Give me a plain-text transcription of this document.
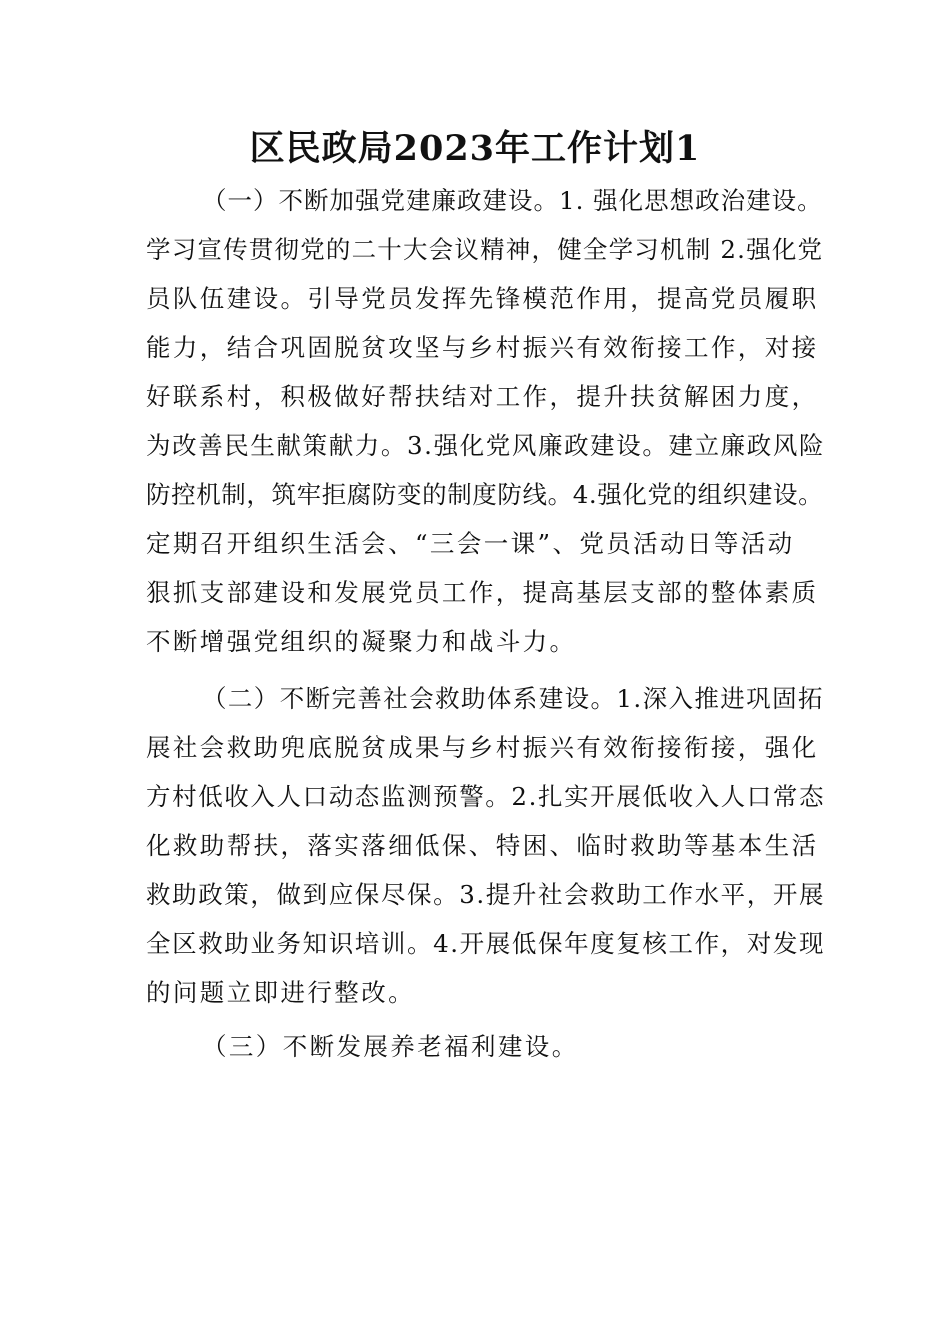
区民政局2023年工作计划1
（一）不断加强党建廉政建设。1. 强化思想政治建设。
学习宣传贯彻党的二十大会议精神，健全学习机制 2.强化党
员队伍建设。引导党员发挥先锋模范作用，提高党员履职
能力，结合巩固脱贫攻坚与乡村振兴有效衔接工作，对接
好联系村，积极做好帮扶结对工作，提升扶贫解困力度，
为改善民生献策献力。3.强化党风廉政建设。建立廉政风险
防控机制，筑牢拒腐防变的制度防线。4.强化党的组织建设。
定期召开组织生活会、“三会一课”、党员活动日等活动
狠抓支部建设和发展党员工作，提高基层支部的整体素质
不断增强党组织的凝聚力和战斗力。
（二）不断完善社会救助体系建设。1.深入推进巩固拓
展社会救助兜底脱贫成果与乡村振兴有效衔接衔接，强化
方村低收入人口动态监测预警。2.扎实开展低收入人口常态
化救助帮扶，落实落细低保、特困、临时救助等基本生活
救助政策，做到应保尽保。3.提升社会救助工作水平，开展
全区救助业务知识培训。4.开展低保年度复核工作，对发现
的问题立即进行整改。
（三）不断发展养老福利建设。
